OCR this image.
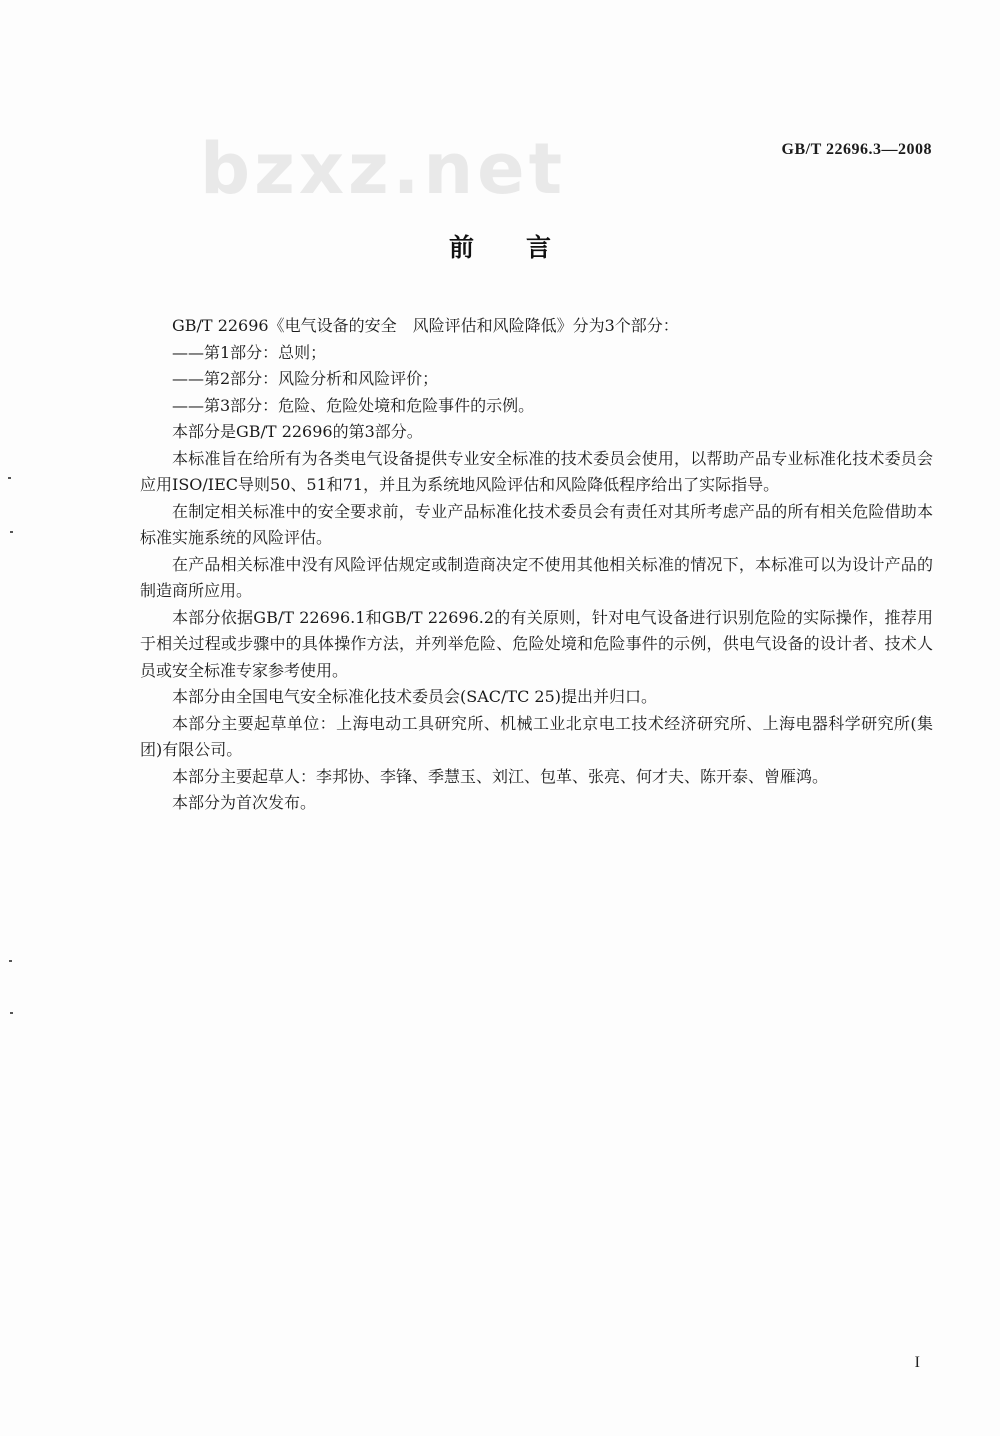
bzxz.net	GB/T 22696.3—2008
前言

GB/T 22696《电气设备的安全　风险评估和风险降低》分为3个部分：

——第1部分：总则；

——第2部分：风险分析和风险评价；

——第3部分：危险、危险处境和危险事件的示例。

本部分是GB/T 22696的第3部分。

本标准旨在给所有为各类电气设备提供专业安全标准的技术委员会使用，以帮助产品专业标准化技术委员会应用ISO/IEC导则50、51和71，并且为系统地风险评估和风险降低程序给出了实际指导。

在制定相关标准中的安全要求前，专业产品标准化技术委员会有责任对其所考虑产品的所有相关危险借助本标准实施系统的风险评估。

在产品相关标准中没有风险评估规定或制造商决定不使用其他相关标准的情况下，本标准可以为设计产品的制造商所应用。

本部分依据GB/T 22696.1和GB/T 22696.2的有关原则，针对电气设备进行识别危险的实际操作，推荐用于相关过程或步骤中的具体操作方法，并列举危险、危险处境和危险事件的示例，供电气设备的设计者、技术人员或安全标准专家参考使用。

本部分由全国电气安全标准化技术委员会(SAC/TC 25)提出并归口。

本部分主要起草单位：上海电动工具研究所、机械工业北京电工技术经济研究所、上海电器科学研究所(集团)有限公司。

本部分主要起草人：李邦协、李锋、季慧玉、刘江、包革、张亮、何才夫、陈开泰、曾雁鸿。

本部分为首次发布。

I
